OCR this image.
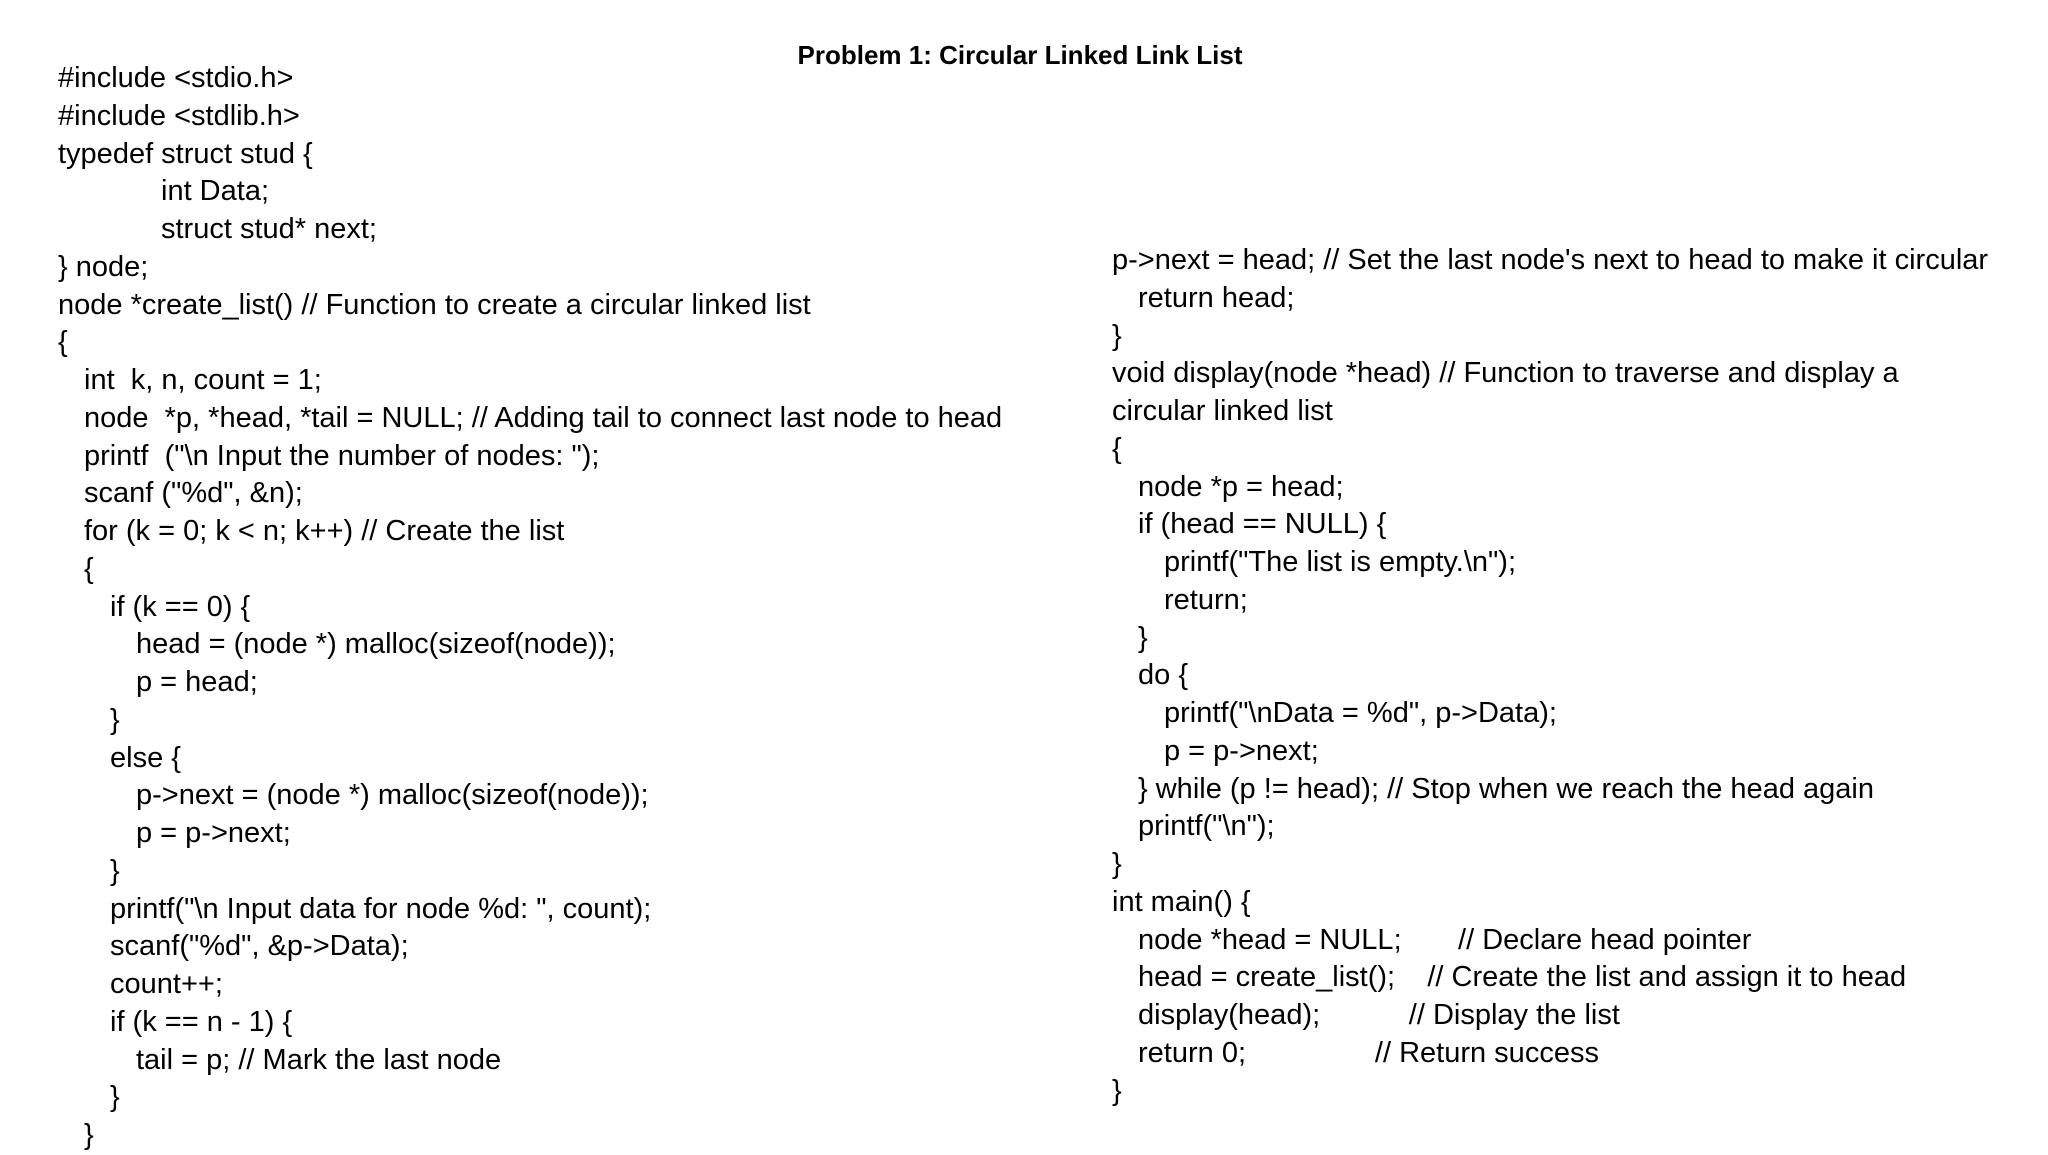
Problem 1: Circular Linked Link List
#include <stdio.h>
#include <stdlib.h>
typedef struct stud {
int Data;
struct stud* next;
} node;
node *create_list() // Function to create a circular linked list
{
int  k, n, count = 1;
node  *p, *head, *tail = NULL; // Adding tail to connect last node to head
printf  ("\n Input the number of nodes: ");
scanf ("%d", &n);
for (k = 0; k < n; k++) // Create the list
{
if (k == 0) {
head = (node *) malloc(sizeof(node));
p = head;
}
else {
p->next = (node *) malloc(sizeof(node));
p = p->next;
}
printf("\n Input data for node %d: ", count);
scanf("%d", &p->Data);
count++;
if (k == n - 1) {
tail = p; // Mark the last node
}
}
p->next = head; // Set the last node's next to head to make it circular
return head;
}
void display(node *head) // Function to traverse and display a
circular linked list
{
node *p = head;
if (head == NULL) {
printf("The list is empty.\n");
return;
}
do {
printf("\nData = %d", p->Data);
p = p->next;
} while (p != head); // Stop when we reach the head again
printf("\n");
}
int main() {
node *head = NULL;       // Declare head pointer
head = create_list();    // Create the list and assign it to head
display(head);           // Display the list
return 0;                // Return success
}
